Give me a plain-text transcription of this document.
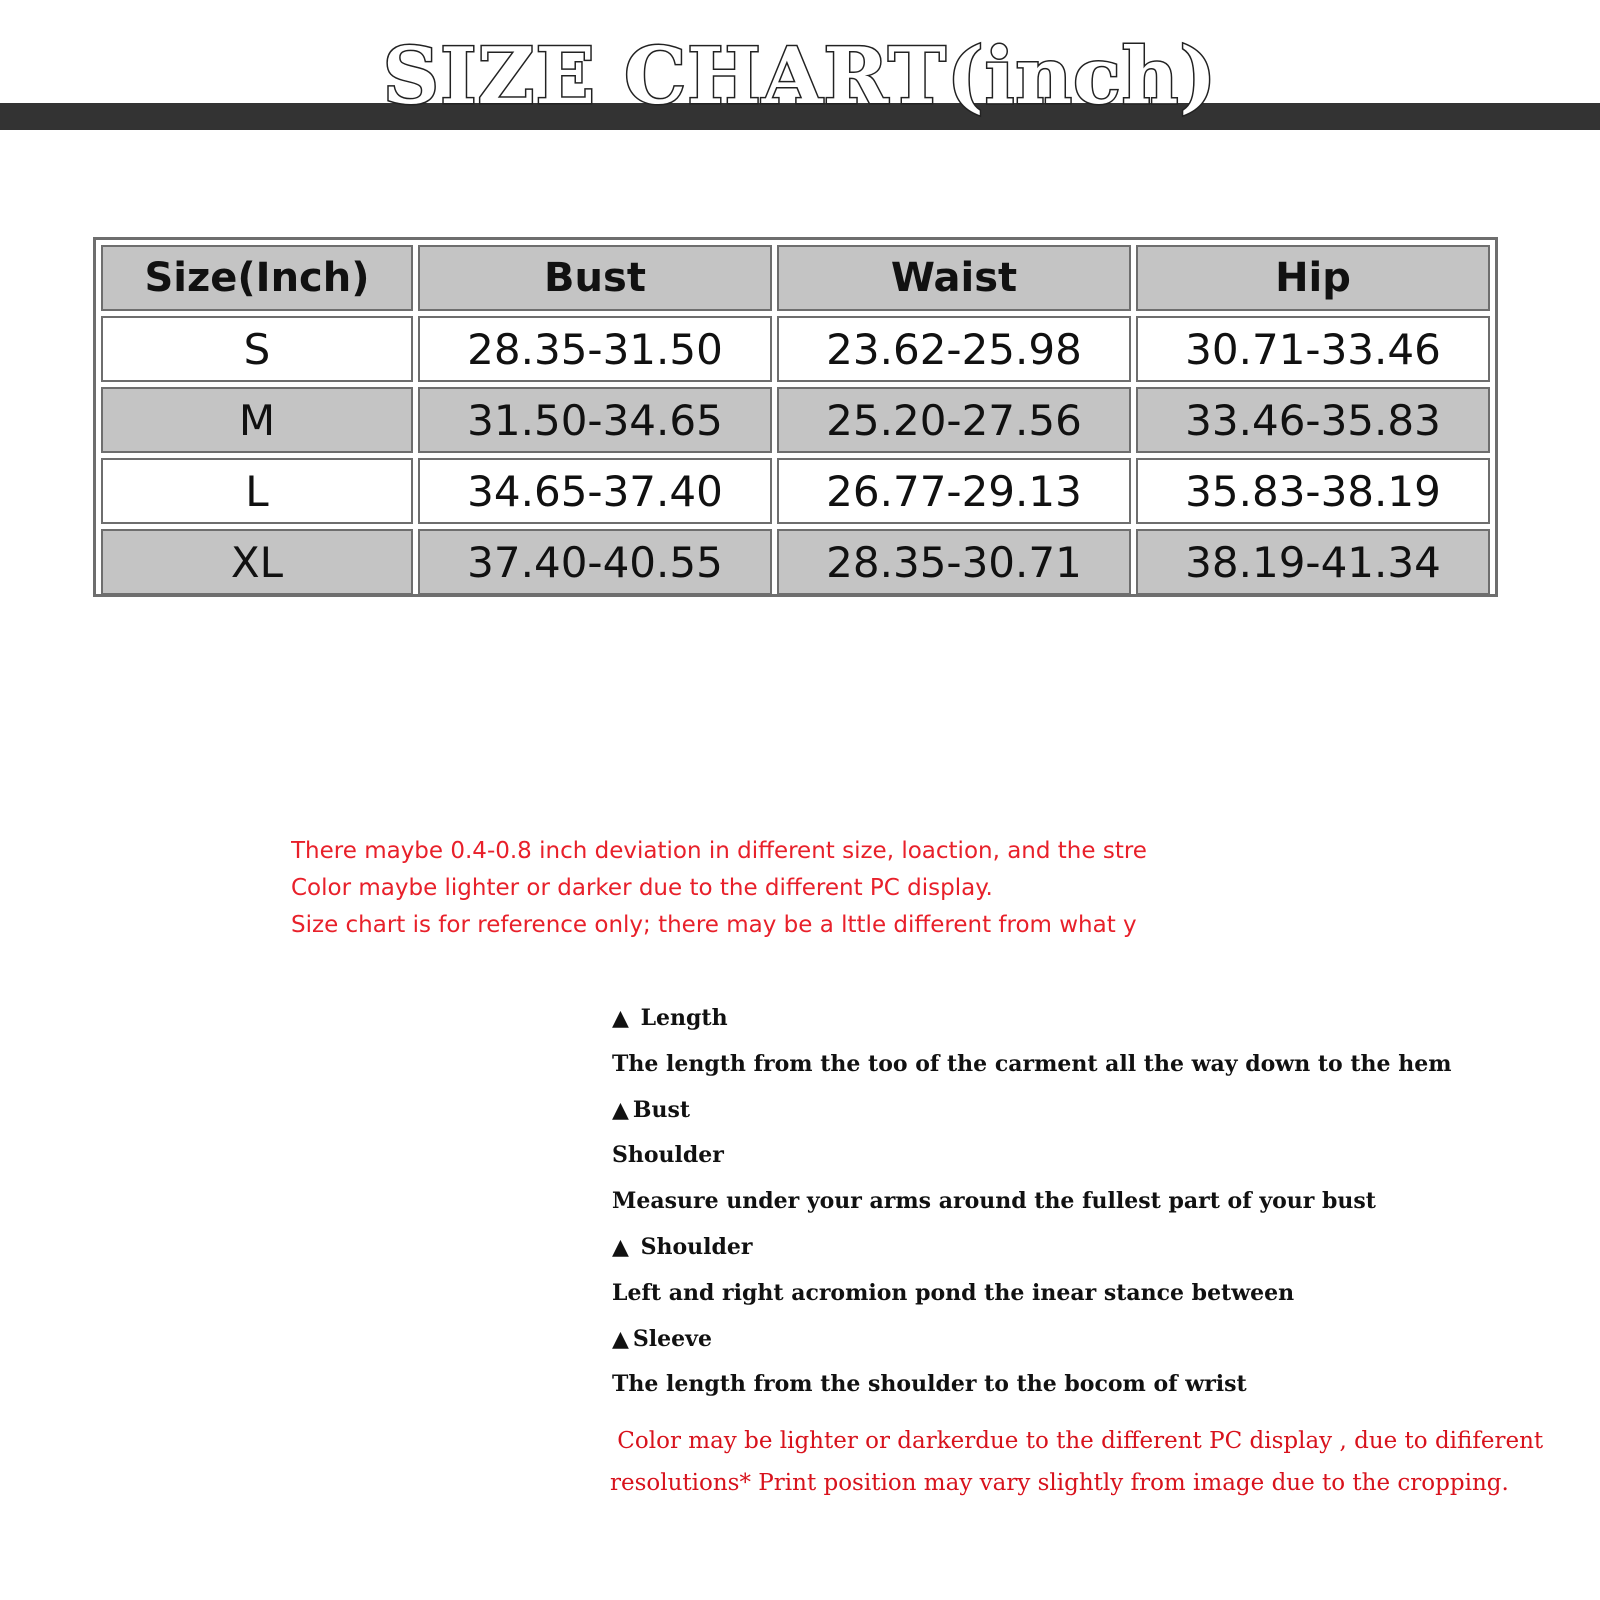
SIZE CHART(inch)
Size(Inch)	Bust	Waist	Hip
S	28.35-31.50	23.62-25.98	30.71-33.46
M	31.50-34.65	25.20-27.56	33.46-35.83
L	34.65-37.40	26.77-29.13	35.83-38.19
XL	37.40-40.55	28.35-30.71	38.19-41.34
There maybe 0.4-0.8 inch deviation in different size, loaction, and the stre
Color maybe lighter or darker due to the different PC display.
Size chart is for reference only; there may be a lttle different from what y
▲ Length
The length from the too of the carment all the way down to the hem
▲ Bust
Shoulder
Measure under your arms around the fullest part of your bust
▲ Shoulder
Left and right acromion pond the inear stance between
▲ Sleeve
The length from the shoulder to the bocom of wrist
Color may be lighter or darkerdue to the different PC display , due to dififerent
resolutions* Print position may vary slightly from image due to the cropping.
